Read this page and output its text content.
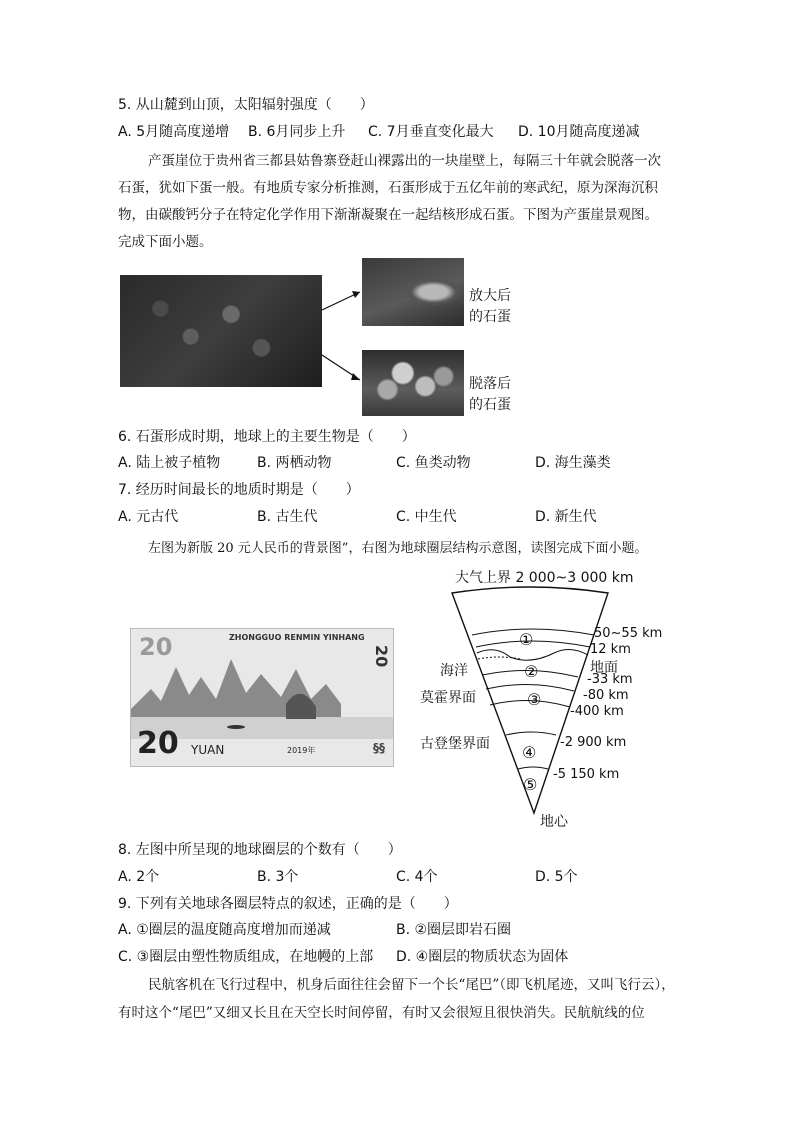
5. 从山麓到山顶，太阳辐射强度（　　）
A. 5月随高度递增 B. 6月同步上升 C. 7月垂直变化最大 D. 10月随高度递减
产蛋崖位于贵州省三都县姑鲁寨登赶山裸露出的一块崖壁上，每隔三十年就会脱落一次
石蛋，犹如下蛋一般。有地质专家分析推测，石蛋形成于五亿年前的寒武纪，原为深海沉积
物，由碳酸钙分子在特定化学作用下渐渐凝聚在一起结核形成石蛋。下图为产蛋崖景观图。
完成下面小题。
放大后
的石蛋
脱落后
的石蛋
6. 石蛋形成时期，地球上的主要生物是（　　）
A. 陆上被子植物	B. 两栖动物	C. 鱼类动物	D. 海生藻类
7. 经历时间最长的地质时期是（　　）
A. 元古代	B. 古生代	C. 中生代	D. 新生代
左图为新版 20 元人民币的背景图”，右图为地球圈层结构示意图，读图完成下面小题。
20	ZHONGGUO RENMIN YINHANG
20
20 YUAN	2019年	§§
大气上界 2 000~3 000 km
①
②
③
④
⑤
海洋
莫霍界面
古登堡界面
50~55 km
12 km
地面
-33 km
-80 km
-400 km
-2 900 km
-5 150 km
地心
8. 左图中所呈现的地球圈层的个数有（　　）
A. 2个	B. 3个	C. 4个	D. 5个
9. 下列有关地球各圈层特点的叙述，正确的是（　　）
A. ①圈层的温度随高度增加而递减	B. ②圈层即岩石圈
C. ③圈层由塑性物质组成，在地幔的上部 D. ④圈层的物质状态为固体
民航客机在飞行过程中，机身后面往往会留下一个长“尾巴”（即飞机尾迹，又叫飞行云），
有时这个“尾巴”又细又长且在天空长时间停留，有时又会很短且很快消失。民航航线的位
